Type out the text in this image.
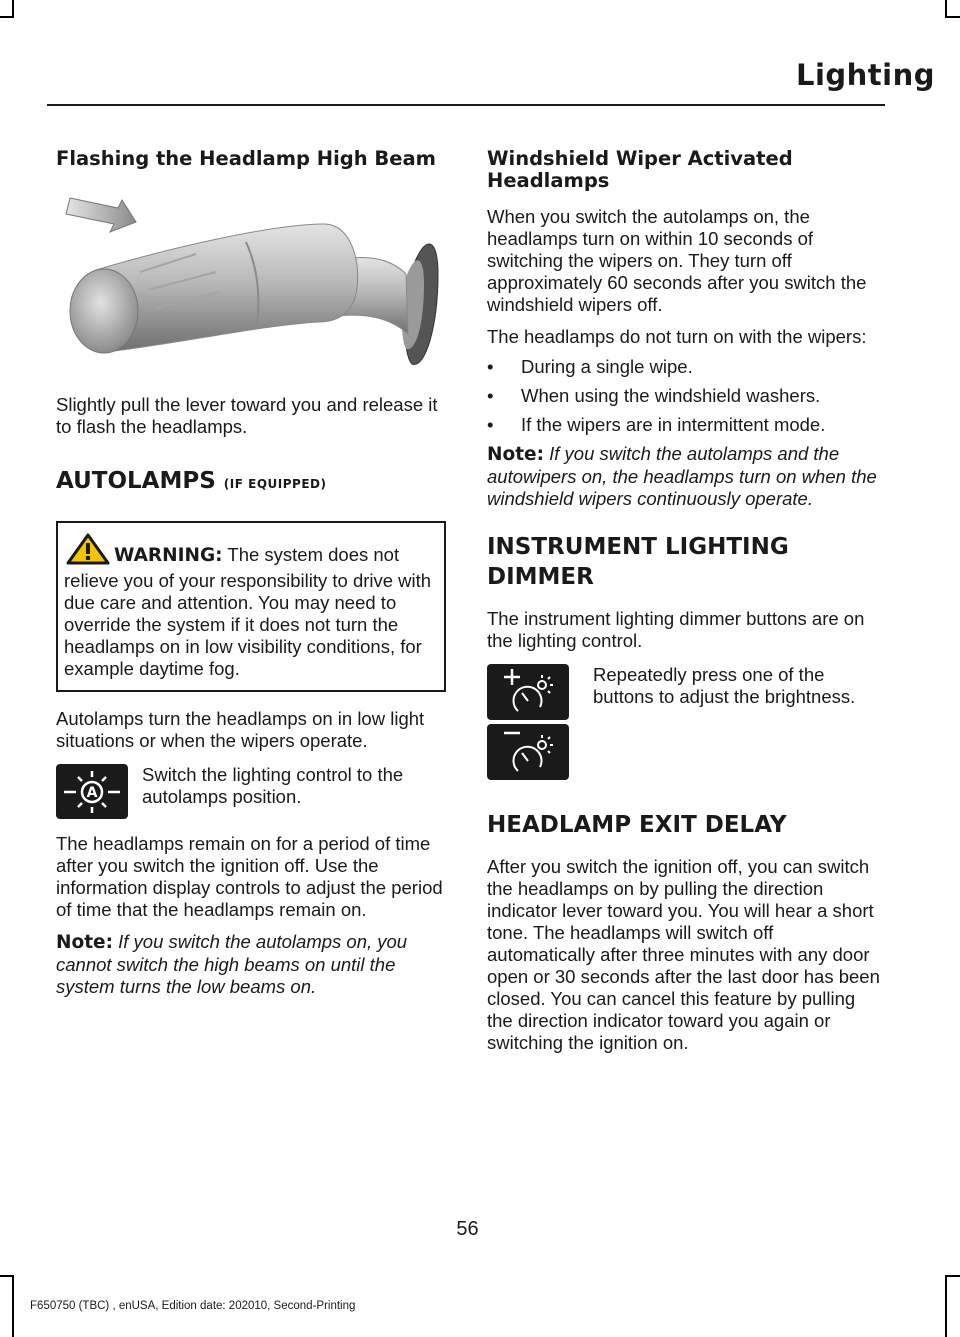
Lighting
Flashing the Headlamp High Beam

Slightly pull the lever toward you and release it to flash the headlamps.

AUTOLAMPS (IF EQUIPPED)
WARNING: The system does not relieve you of your responsibility to drive with due care and attention. You may need to override the system if it does not turn the headlamps on in low visibility conditions, for example daytime fog.

Autolamps turn the headlamps on in low light situations or when the wipers operate.

A

Switch the lighting control to the autolamps position.

The headlamps remain on for a period of time after you switch the ignition off. Use the information display controls to adjust the period of time that the headlamps remain on.

Note: If you switch the autolamps on, you cannot switch the high beams on until the system turns the low beams on.

Windshield Wiper Activated Headlamps

When you switch the autolamps on, the headlamps turn on within 10 seconds of switching the wipers on. They turn off approximately 60 seconds after you switch the windshield wipers off.

The headlamps do not turn on with the wipers:

• During a single wipe.
• When using the windshield washers.
• If the wipers are in intermittent mode.

Note: If you switch the autolamps and the autowipers on, the headlamps turn on when the windshield wipers continuously operate.

INSTRUMENT LIGHTING DIMMER

The instrument lighting dimmer buttons are on the lighting control.

Repeatedly press one of the buttons to adjust the brightness.

HEADLAMP EXIT DELAY

After you switch the ignition off, you can switch the headlamps on by pulling the direction indicator lever toward you. You will hear a short tone. The headlamps will switch off automatically after three minutes with any door open or 30 seconds after the last door has been closed. You can cancel this feature by pulling the direction indicator toward you again or switching the ignition on.

56
F650750 (TBC) , enUSA, Edition date: 202010, Second-Printing
